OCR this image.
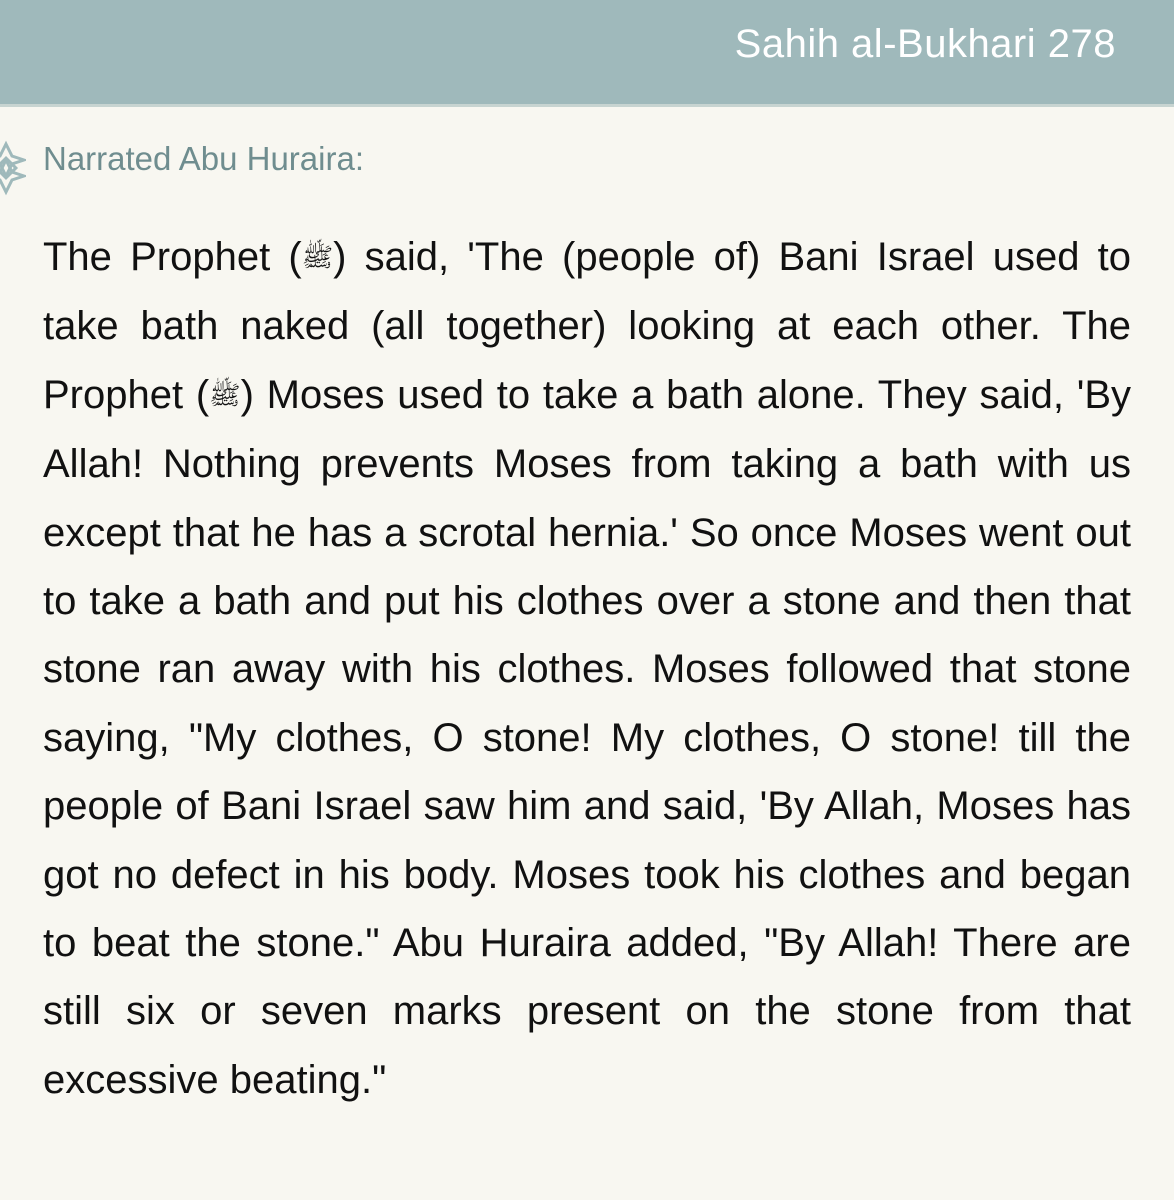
Sahih al-Bukhari 278
Narrated Abu Huraira:

The Prophet (ﷺ) said, 'The (people of) Bani Israel used to take bath naked (all together) looking at each other. The Prophet (ﷺ) Moses used to take a bath alone. They said, 'By Allah! Nothing prevents Moses from taking a bath with us except that he has a scrotal hernia.' So once Moses went out to take a bath and put his clothes over a stone and then that stone ran away with his clothes. Moses followed that stone saying, "My clothes, O stone! My clothes, O stone! till the people of Bani Israel saw him and said, 'By Allah, Moses has got no defect in his body. Moses took his clothes and began to beat the stone." Abu Huraira added, "By Allah! There are still six or seven marks present on the stone from that excessive beating."
